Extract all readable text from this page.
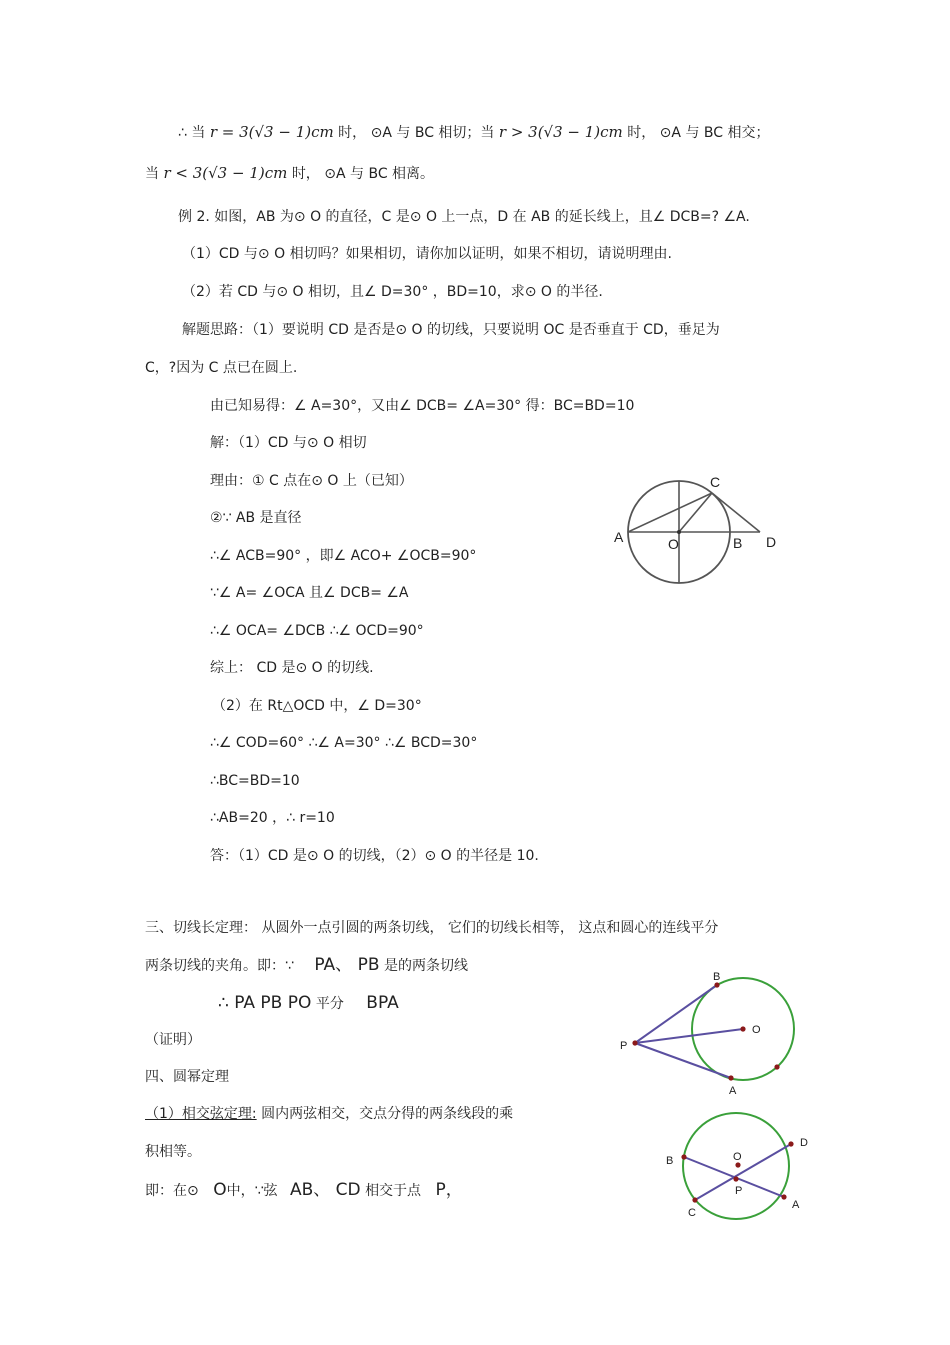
∴ 当 r = 3(√3 − 1)cm 时， ⊙A 与 BC 相切；当 r > 3(√3 − 1)cm 时， ⊙A 与 BC 相交；
当 r < 3(√3 − 1)cm 时， ⊙A 与 BC 相离。
例 2. 如图，AB 为⊙ O 的直径，C 是⊙ O 上一点，D 在 AB 的延长线上，且∠ DCB=? ∠A.
（1）CD 与⊙ O 相切吗？如果相切，请你加以证明，如果不相切，请说明理由.
（2）若 CD 与⊙ O 相切，且∠ D=30° ，BD=10，求⊙ O 的半径.
解题思路：（1）要说明 CD 是否是⊙ O 的切线，只要说明 OC 是否垂直于 CD，垂足为
C，?因为 C 点已在圆上.
由已知易得：∠ A=30°，又由∠ DCB= ∠A=30° 得：BC=BD=10
解：（1）CD 与⊙ O 相切
理由：① C 点在⊙ O 上（已知）
②∵ AB 是直径
∴∠ ACB=90° ，即∠ ACO+ ∠OCB=90°
∵∠ A= ∠OCA 且∠ DCB= ∠A
∴∠ OCA= ∠DCB ∴∠ OCD=90°
综上： CD 是⊙ O 的切线.
（2）在 Rt△OCD 中，∠ D=30°
∴∠ COD=60° ∴∠ A=30° ∴∠ BCD=30°
∴BC=BD=10
∴AB=20 ，∴ r=10
答：（1）CD 是⊙ O 的切线，（2）⊙ O 的半径是 10.
三、切线长定理： 从圆外一点引圆的两条切线， 它们的切线长相等， 这点和圆心的连线平分
两条切线的夹角。即：∵ PA、 PB 是的两条切线
∴ PA PB PO 平分 BPA
（证明）
四、圆幂定理
（1）相交弦定理: 圆内两弦相交，交点分得的两条线段的乘
积相等。
即：在⊙ O中，∵弦 AB、 CD 相交于点 P，
A	O	B
C
D
B
O
P
A
B	O
D
P
C
A
